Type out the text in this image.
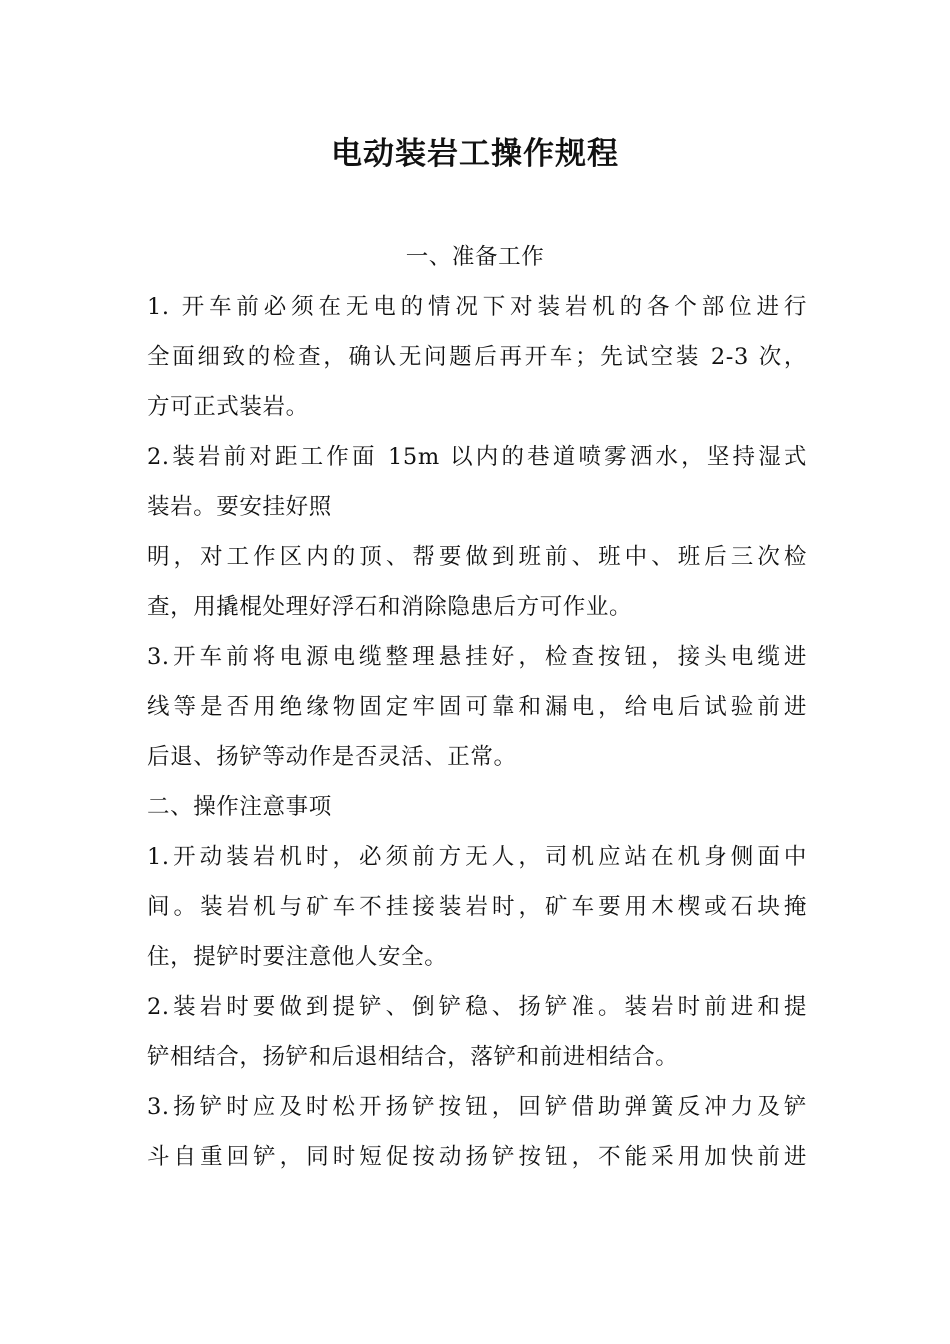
电动装岩工操作规程
一、准备工作
1. 开车前必须在无电的情况下对装岩机的各个部位进行
全面细致的检查，确认无问题后再开车；先试空装 2-3 次，
方可正式装岩。
2.装岩前对距工作面 15m 以内的巷道喷雾洒水，坚持湿式
装岩。要安挂好照
明，对工作区内的顶、帮要做到班前、班中、班后三次检
查，用撬棍处理好浮石和消除隐患后方可作业。
3.开车前将电源电缆整理悬挂好，检查按钮，接头电缆进
线等是否用绝缘物固定牢固可靠和漏电，给电后试验前进
后退、扬铲等动作是否灵活、正常。
二、操作注意事项
1.开动装岩机时，必须前方无人，司机应站在机身侧面中
间。装岩机与矿车不挂接装岩时，矿车要用木楔或石块掩
住，提铲时要注意他人安全。
2.装岩时要做到提铲、倒铲稳、扬铲准。装岩时前进和提
铲相结合，扬铲和后退相结合，落铲和前进相结合。
3.扬铲时应及时松开扬铲按钮，回铲借助弹簧反冲力及铲
斗自重回铲，同时短促按动扬铲按钮，不能采用加快前进
